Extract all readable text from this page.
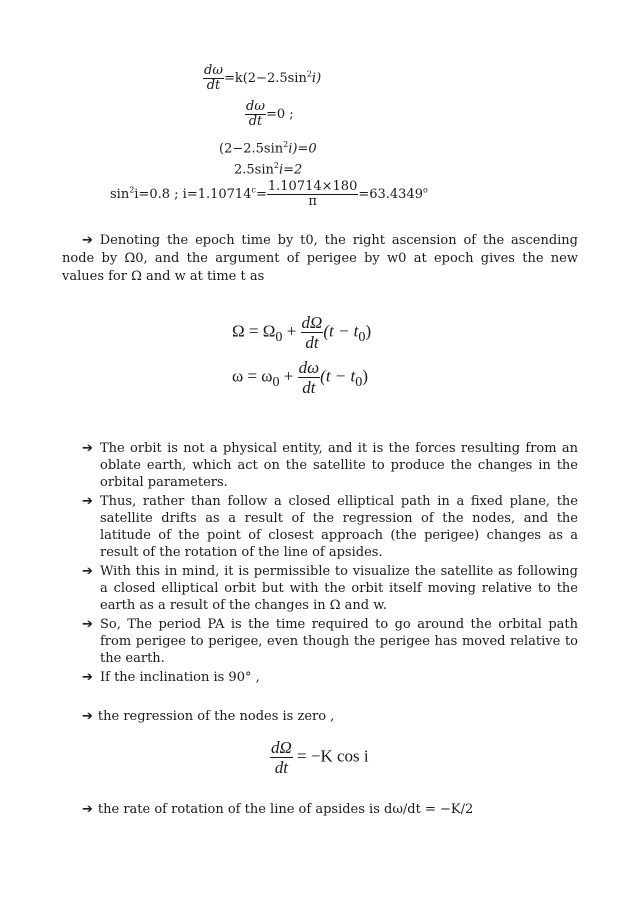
$\frac{d\omega}{dt} =k(2-2.5\sin^2i)$
$\frac{d\omega}{dt} =0$ ;
$(2-2.5\sin^2i)=0$
$2.5\sin^2i=2$
$\sin^2i=0.8$ ; $i=1.10714^c= \frac{1.10714\times 180}{\pi} =63.4349^o$
➔ Denoting the epoch time by t0, the right ascension of the ascending node by Ω0, and the argument of perigee by w0 at epoch gives the new values for Ω and w at time t as
$\Omega = \Omega_0 + \frac{d\Omega}{dt} (t - t_0)$
$\omega = \omega_0 + \frac{d\omega}{dt} (t - t_0)$
➔ The orbit is not a physical entity, and it is the forces resulting from an oblate earth, which act on the satellite to produce the changes in the orbital parameters.
➔ Thus, rather than follow a closed elliptical path in a fixed plane, the satellite drifts as a result of the regression of the nodes, and the latitude of the point of closest approach (the perigee) changes as a result of the rotation of the line of apsides.
➔ With this in mind, it is permissible to visualize the satellite as following a closed elliptical orbit but with the orbit itself moving relative to the earth as a result of the changes in Ω and w.
➔ So, The period PA is the time required to go around the orbital path from perigee to perigee, even though the perigee has moved relative to the earth.
➔ If the inclination is 90° ,
➔ the regression of the nodes is zero ,
$\frac{d\Omega}{dt} = -K$ cos i
➔ the rate of rotation of the line of apsides is dω/dt = −K/2
